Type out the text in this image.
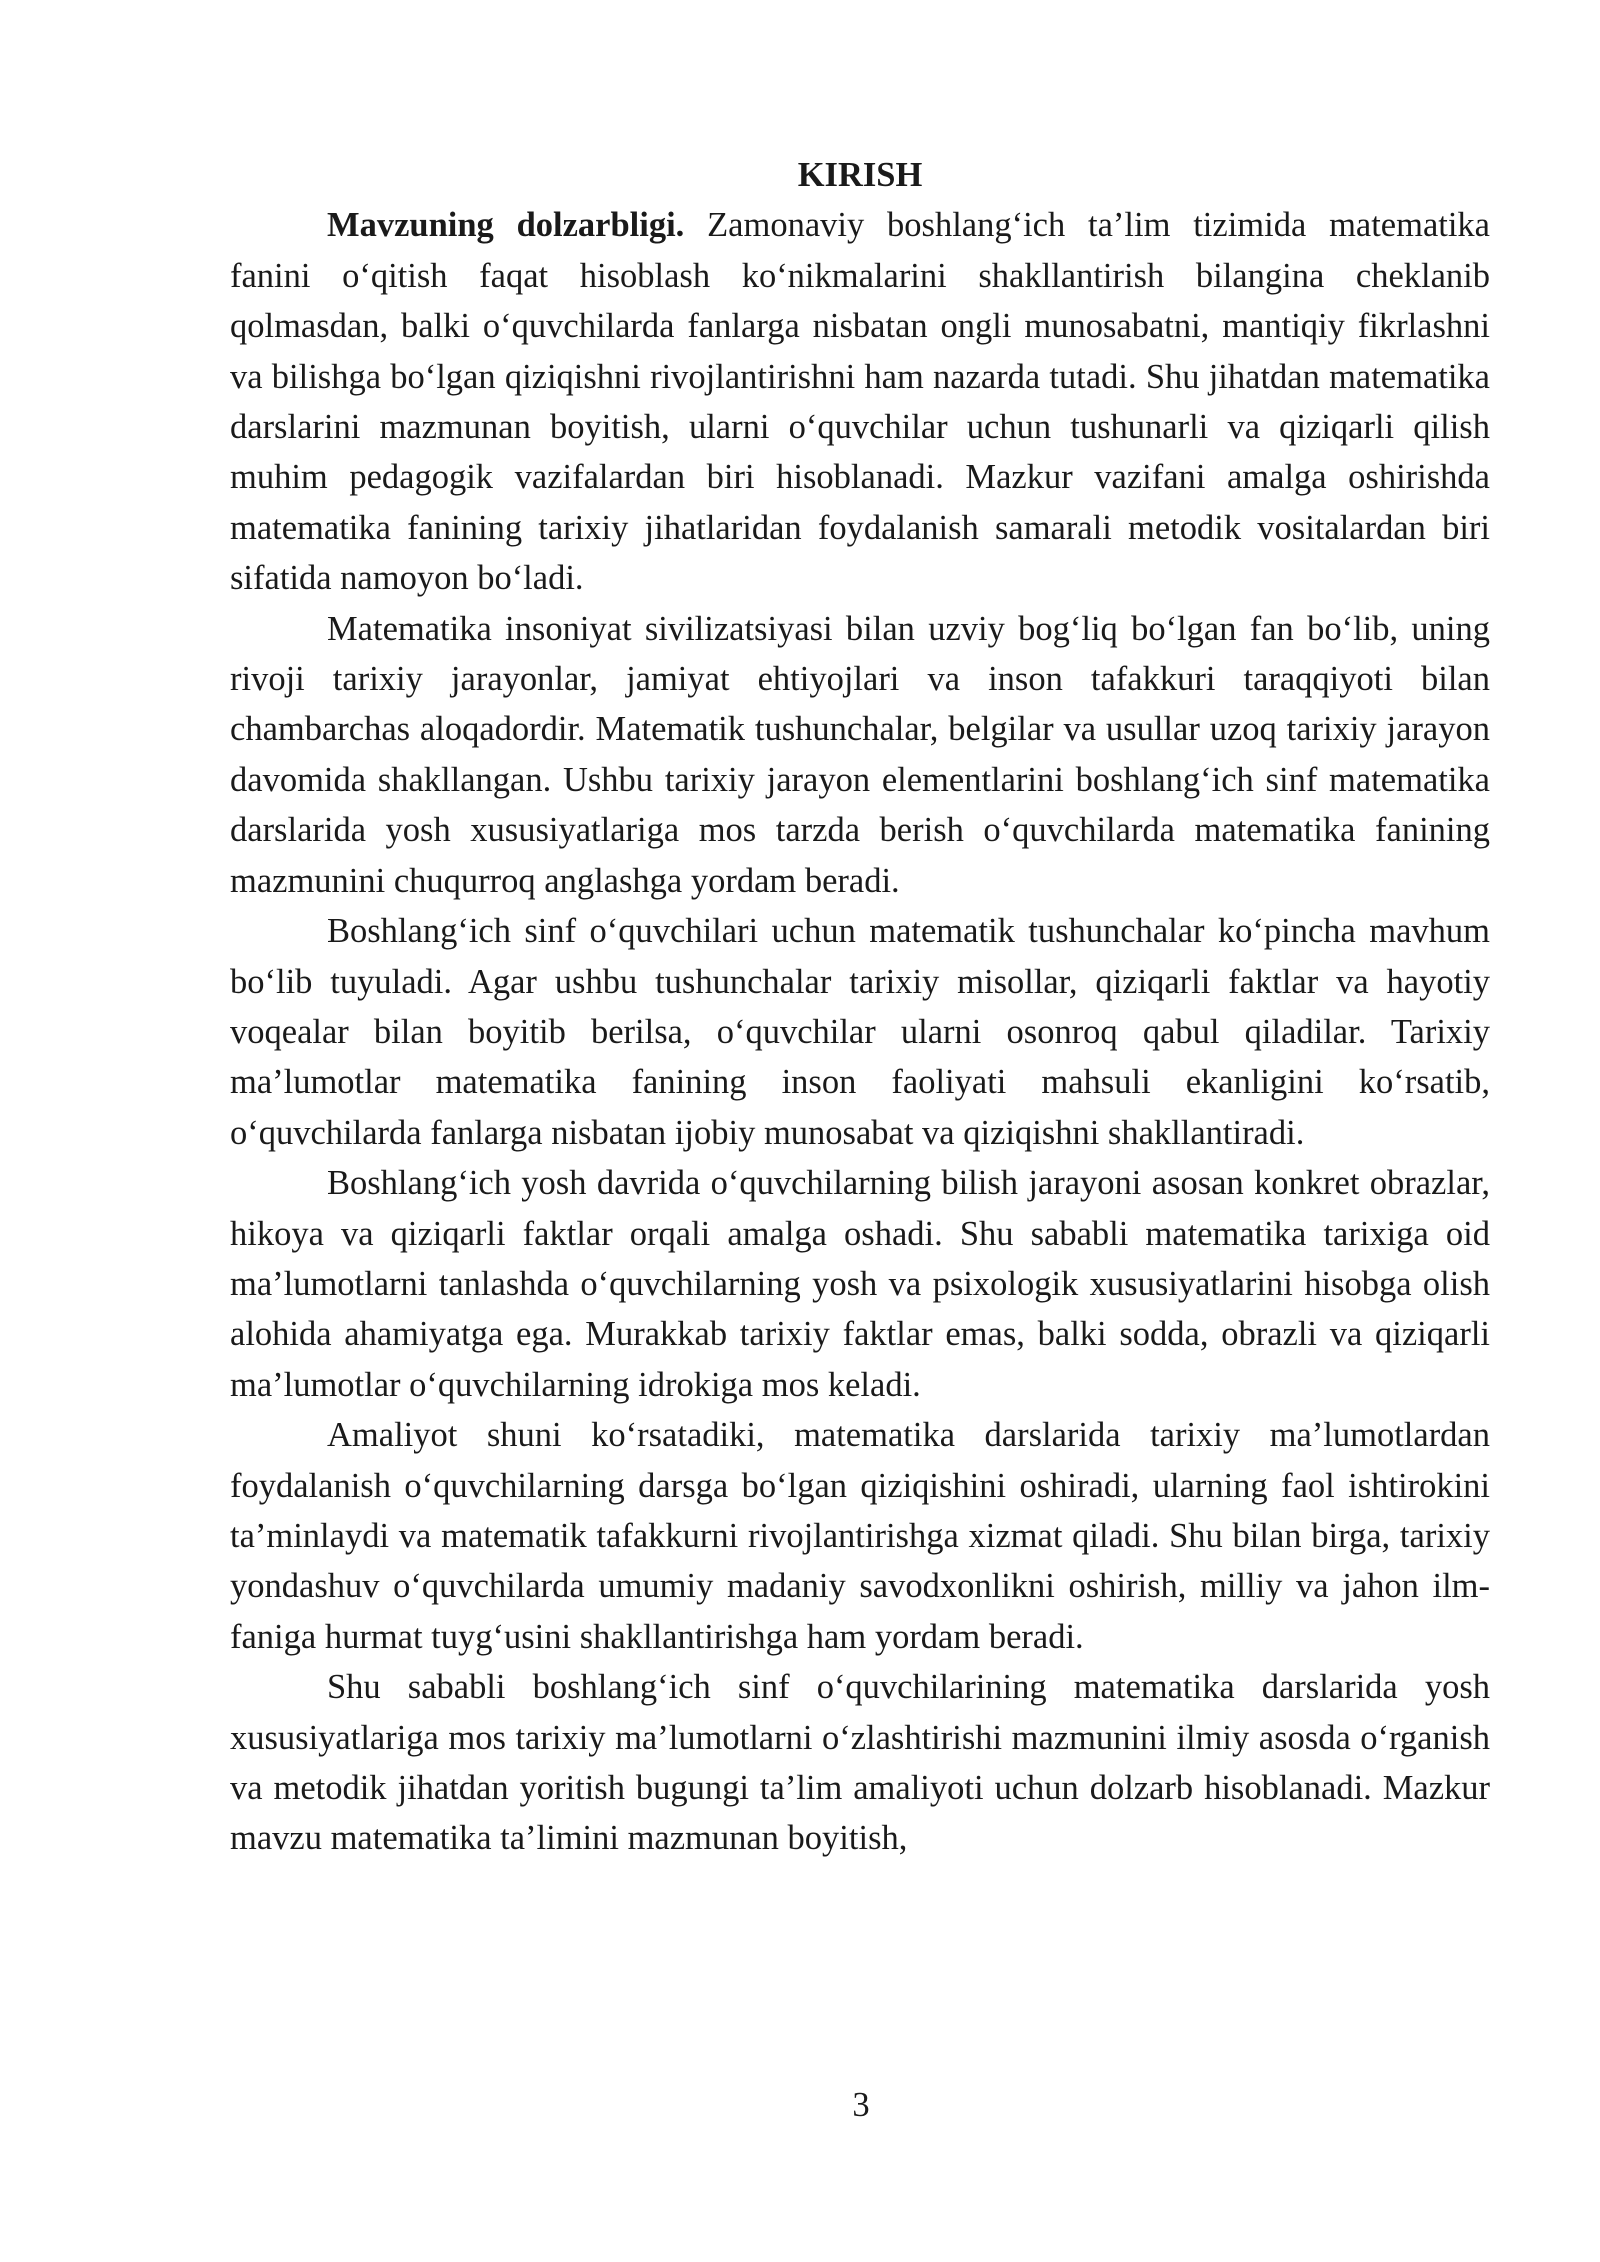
KIRISH

Mavzuning dolzarbligi. Zamonaviy boshlang‘ich ta’lim tizimida matematika fanini o‘qitish faqat hisoblash ko‘nikmalarini shakllantirish bilangina cheklanib qolmasdan, balki o‘quvchilarda fanlarga nisbatan ongli munosabatni, mantiqiy fikrlashni va bilishga bo‘lgan qiziqishni rivojlantirishni ham nazarda tutadi. Shu jihatdan matematika darslarini mazmunan boyitish, ularni o‘quvchilar uchun tushunarli va qiziqarli qilish muhim pedagogik vazifalardan biri hisoblanadi. Mazkur vazifani amalga oshirishda matematika fanining tarixiy jihatlaridan foydalanish samarali metodik vositalardan biri sifatida namoyon bo‘ladi.

Matematika insoniyat sivilizatsiyasi bilan uzviy bog‘liq bo‘lgan fan bo‘lib, uning rivoji tarixiy jarayonlar, jamiyat ehtiyojlari va inson tafakkuri taraqqiyoti bilan chambarchas aloqadordir. Matematik tushunchalar, belgilar va usullar uzoq tarixiy jarayon davomida shakllangan. Ushbu tarixiy jarayon elementlarini boshlang‘ich sinf matematika darslarida yosh xususiyatlariga mos tarzda berish o‘quvchilarda matematika fanining mazmunini chuqurroq anglashga yordam beradi.

Boshlang‘ich sinf o‘quvchilari uchun matematik tushunchalar ko‘pincha mavhum bo‘lib tuyuladi. Agar ushbu tushunchalar tarixiy misollar, qiziqarli faktlar va hayotiy voqealar bilan boyitib berilsa, o‘quvchilar ularni osonroq qabul qiladilar. Tarixiy ma’lumotlar matematika fanining inson faoliyati mahsuli ekanligini ko‘rsatib, o‘quvchilarda fanlarga nisbatan ijobiy munosabat va qiziqishni shakllantiradi.

Boshlang‘ich yosh davrida o‘quvchilarning bilish jarayoni asosan konkret obrazlar, hikoya va qiziqarli faktlar orqali amalga oshadi. Shu sababli matematika tarixiga oid ma’lumotlarni tanlashda o‘quvchilarning yosh va psixologik xususiyatlarini hisobga olish alohida ahamiyatga ega. Murakkab tarixiy faktlar emas, balki sodda, obrazli va qiziqarli ma’lumotlar o‘quvchilarning idrokiga mos keladi.

Amaliyot shuni ko‘rsatadiki, matematika darslarida tarixiy ma’lumotlardan foydalanish o‘quvchilarning darsga bo‘lgan qiziqishini oshiradi, ularning faol ishtirokini ta’minlaydi va matematik tafakkurni rivojlantirishga xizmat qiladi. Shu bilan birga, tarixiy yondashuv o‘quvchilarda umumiy madaniy savodxonlikni oshirish, milliy va jahon ilm-faniga hurmat tuyg‘usini shakllantirishga ham yordam beradi.

Shu sababli boshlang‘ich sinf o‘quvchilarining matematika darslarida yosh xususiyatlariga mos tarixiy ma’lumotlarni o‘zlashtirishi mazmunini ilmiy asosda o‘rganish va metodik jihatdan yoritish bugungi ta’lim amaliyoti uchun dolzarb hisoblanadi. Mazkur mavzu matematika ta’limini mazmunan boyitish,

3
